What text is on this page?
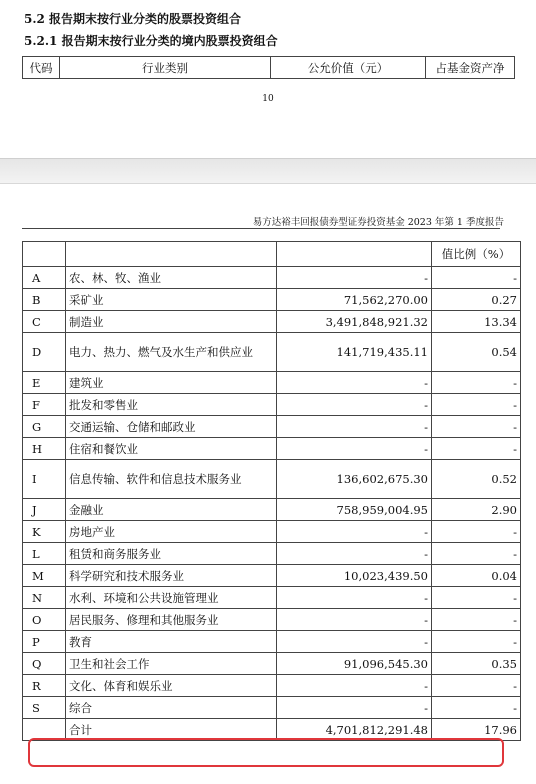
5.2 报告期末按行业分类的股票投资组合
5.2.1 报告期末按行业分类的境内股票投资组合
代码	行业类别	公允价值（元）	占基金资产净
10
易方达裕丰回报债券型证券投资基金 2023 年第 1 季度报告
			值比例（%）
A	农、林、牧、渔业	-	-
B	采矿业	71,562,270.00	0.27
C	制造业	3,491,848,921.32	13.34
D	电力、热力、燃气及水生产和供应业	141,719,435.11	0.54
E	建筑业	-	-
F	批发和零售业	-	-
G	交通运输、仓储和邮政业	-	-
H	住宿和餐饮业	-	-
I	信息传输、软件和信息技术服务业	136,602,675.30	0.52
J	金融业	758,959,004.95	2.90
K	房地产业	-	-
L	租赁和商务服务业	-	-
M	科学研究和技术服务业	10,023,439.50	0.04
N	水利、环境和公共设施管理业	-	-
O	居民服务、修理和其他服务业	-	-
P	教育	-	-
Q	卫生和社会工作	91,096,545.30	0.35
R	文化、体育和娱乐业	-	-
S	综合	-	-
	合计	4,701,812,291.48	17.96
